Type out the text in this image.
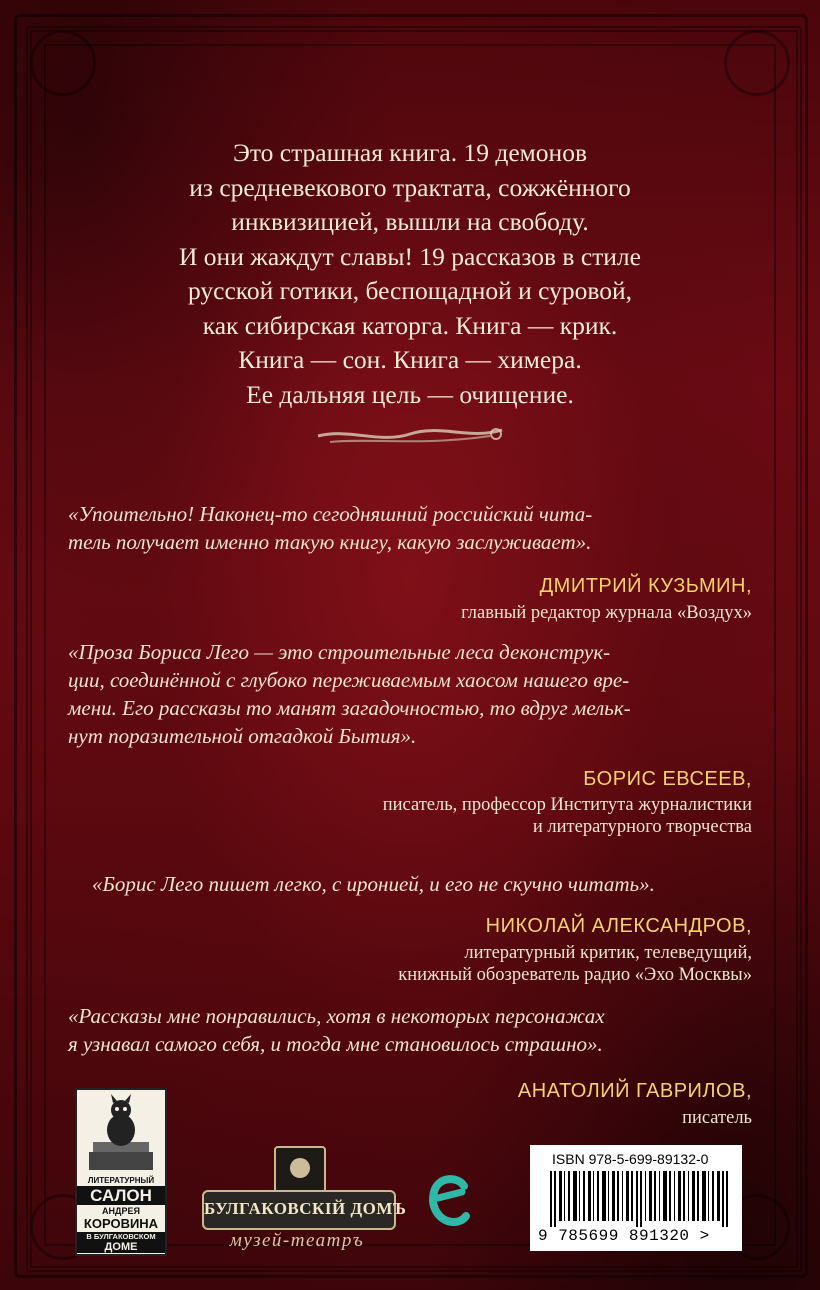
Это страшная книга. 19 демонов
из средневекового трактата, сожжённого
инквизицией, вышли на свободу.
И они жаждут славы! 19 рассказов в стиле
русской готики, беспощадной и суровой,
как сибирская каторга. Книга — крик.
Книга — сон. Книга — химера.
Ее дальняя цель — очищение.
«Упоительно! Наконец-то сегодняшний российский чита-
тель получает именно такую книгу, какую заслуживает».
ДМИТРИЙ КУЗЬМИН,
главный редактор журнала «Воздух»
«Проза Бориса Лего — это строительные леса деконструк-
ции, соединённой с глубоко переживаемым хаосом нашего вре-
мени. Его рассказы то манят загадочностью, то вдруг мельк-
нут поразительной отгадкой Бытия».
БОРИС ЕВСЕЕВ,
писатель, профессор Института журналистики
и литературного творчества
«Борис Лего пишет легко, с иронией, и его не скучно читать».
НИКОЛАЙ АЛЕКСАНДРОВ,
литературный критик, телеведущий,
книжный обозреватель радио «Эхо Москвы»
«Рассказы мне понравились, хотя в некоторых персонажах
я узнавал самого себя, и тогда мне становилось страшно».
АНАТОЛИЙ ГАВРИЛОВ,
писатель
ЛИТЕРАТУРНЫЙ
САЛОН
АНДРЕЯ
КОРОВИНА
В БУЛГАКОВСКОМ
ДОМЕ
БУЛГАКОВСКIЙ ДОМЪ
музей-театръ
ISBN 978-5-699-89132-0
9 785699 891320 >
